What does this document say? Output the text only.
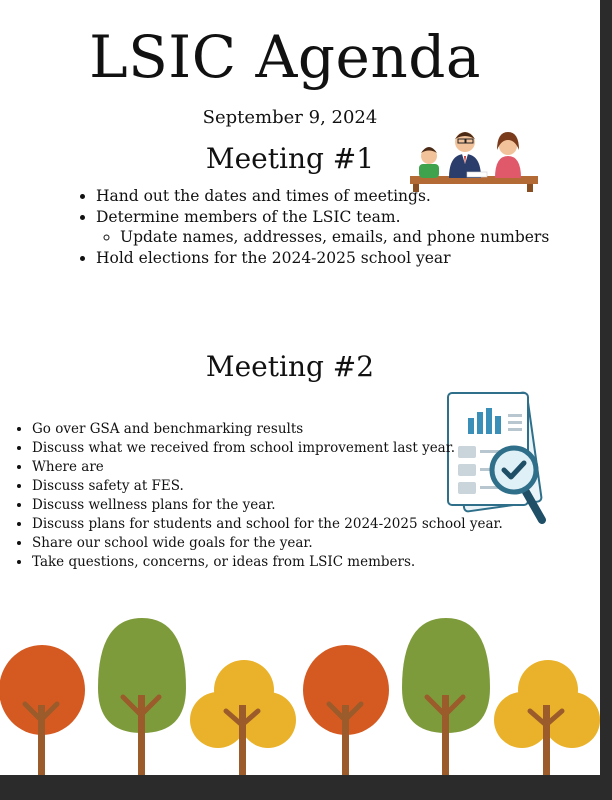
LSIC Agenda
September 9, 2024
Meeting #1
• Hand out the dates and times of meetings.
• Determine members of the LSIC team.
◦ Update names, addresses, emails, and phone numbers
• Hold elections for the 2024-2025 school year
Meeting #2
• Go over GSA and benchmarking results
• Discuss what we received from school improvement last year.
• Where are
• Discuss safety at FES.
• Discuss wellness plans for the year.
• Discuss plans for students and school for the 2024-2025 school year.
• Share our school wide goals for the year.
• Take questions, concerns, or ideas from LSIC members.
